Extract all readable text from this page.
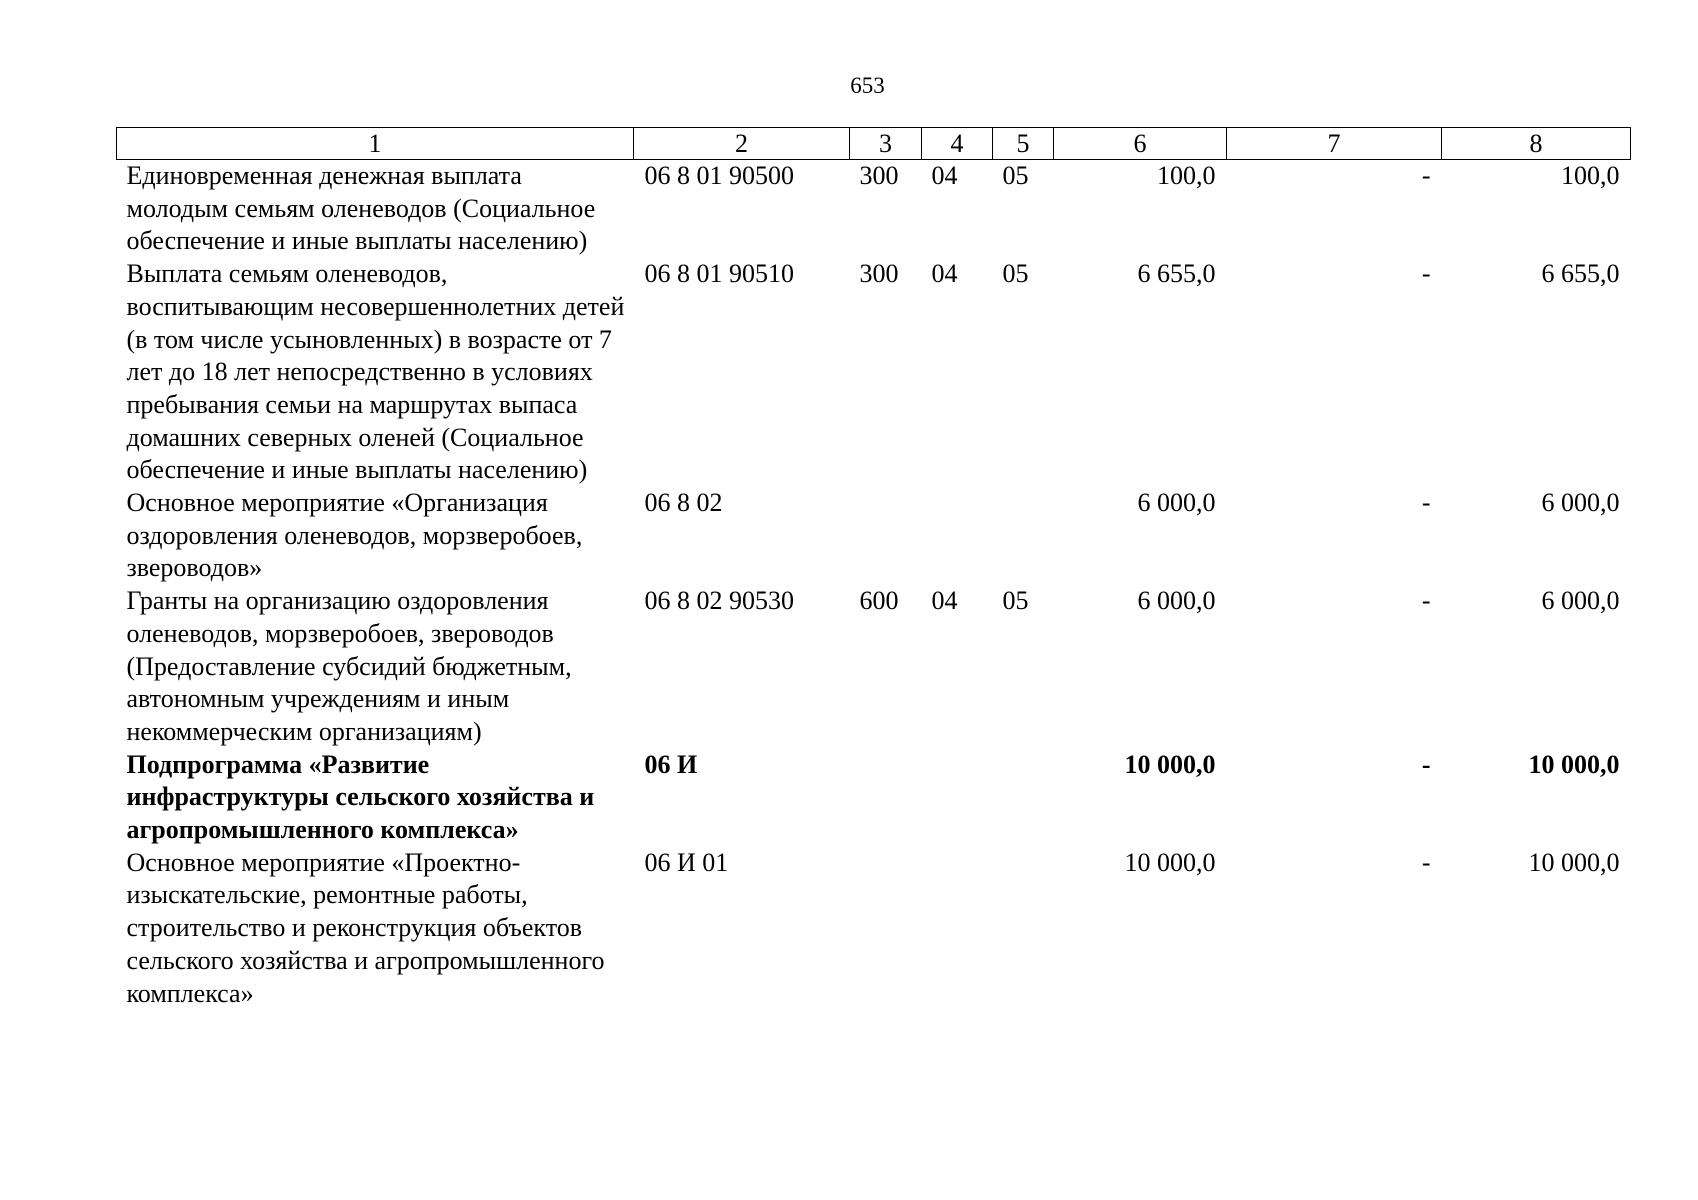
653
1	2	3	4	5	6	7	8
Единовременная денежная выплата молодым семьям оленеводов (Социальное обеспечение и иные выплаты населению)	06 8 01 90500	300	04	05	100,0	-	100,0
Выплата семьям оленеводов, воспитывающим несовершеннолетних детей (в том числе усыновленных) в возрасте от 7 лет до 18 лет непосредственно в условиях пребывания семьи на маршрутах выпаса домашних северных оленей (Социальное обеспечение и иные выплаты населению)	06 8 01 90510	300	04	05	6 655,0	-	6 655,0
Основное мероприятие «Организация оздоровления оленеводов, морзверобоев, звероводов»	06 8 02				6 000,0	-	6 000,0
Гранты на организацию оздоровления оленеводов, морзверобоев, звероводов (Предоставление субсидий бюджетным, автономным учреждениям и иным некоммерческим организациям)	06 8 02 90530	600	04	05	6 000,0	-	6 000,0
Подпрограмма «Развитие инфраструктуры сельского хозяйства и агропромышленного комплекса»	06 И				10 000,0	-	10 000,0
Основное мероприятие «Проектно-изыскательские, ремонтные работы, строительство и реконструкция объектов сельского хозяйства и агропромышленного комплекса»	06 И 01				10 000,0	-	10 000,0
